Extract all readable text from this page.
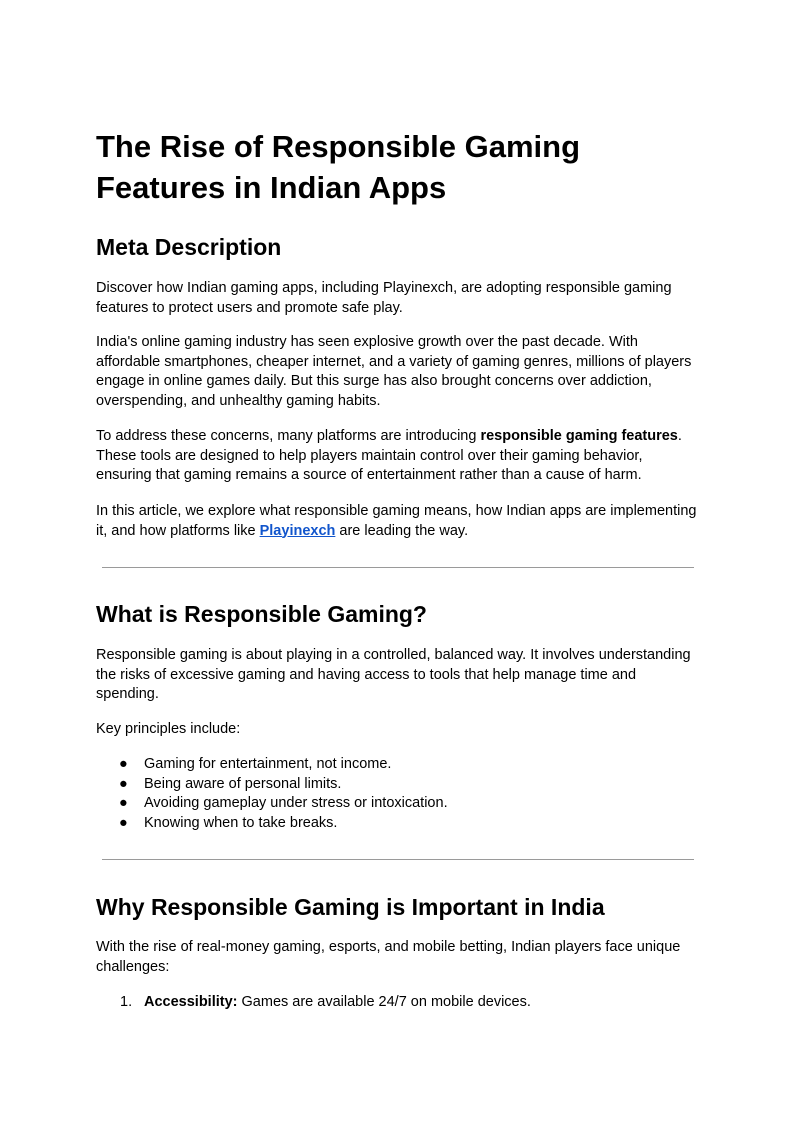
The Rise of Responsible Gaming Features in Indian Apps
Meta Description

Discover how Indian gaming apps, including Playinexch, are adopting responsible gaming features to protect users and promote safe play.

India's online gaming industry has seen explosive growth over the past decade. With affordable smartphones, cheaper internet, and a variety of gaming genres, millions of players engage in online games daily. But this surge has also brought concerns over addiction, overspending, and unhealthy gaming habits.

To address these concerns, many platforms are introducing responsible gaming features. These tools are designed to help players maintain control over their gaming behavior, ensuring that gaming remains a source of entertainment rather than a cause of harm.

In this article, we explore what responsible gaming means, how Indian apps are implementing it, and how platforms like Playinexch are leading the way.

What is Responsible Gaming?

Responsible gaming is about playing in a controlled, balanced way. It involves understanding the risks of excessive gaming and having access to tools that help manage time and spending.

Key principles include:

● Gaming for entertainment, not income.
● Being aware of personal limits.
● Avoiding gameplay under stress or intoxication.
● Knowing when to take breaks.
Why Responsible Gaming is Important in India

With the rise of real-money gaming, esports, and mobile betting, Indian players face unique challenges:

1. Accessibility: Games are available 24/7 on mobile devices.
